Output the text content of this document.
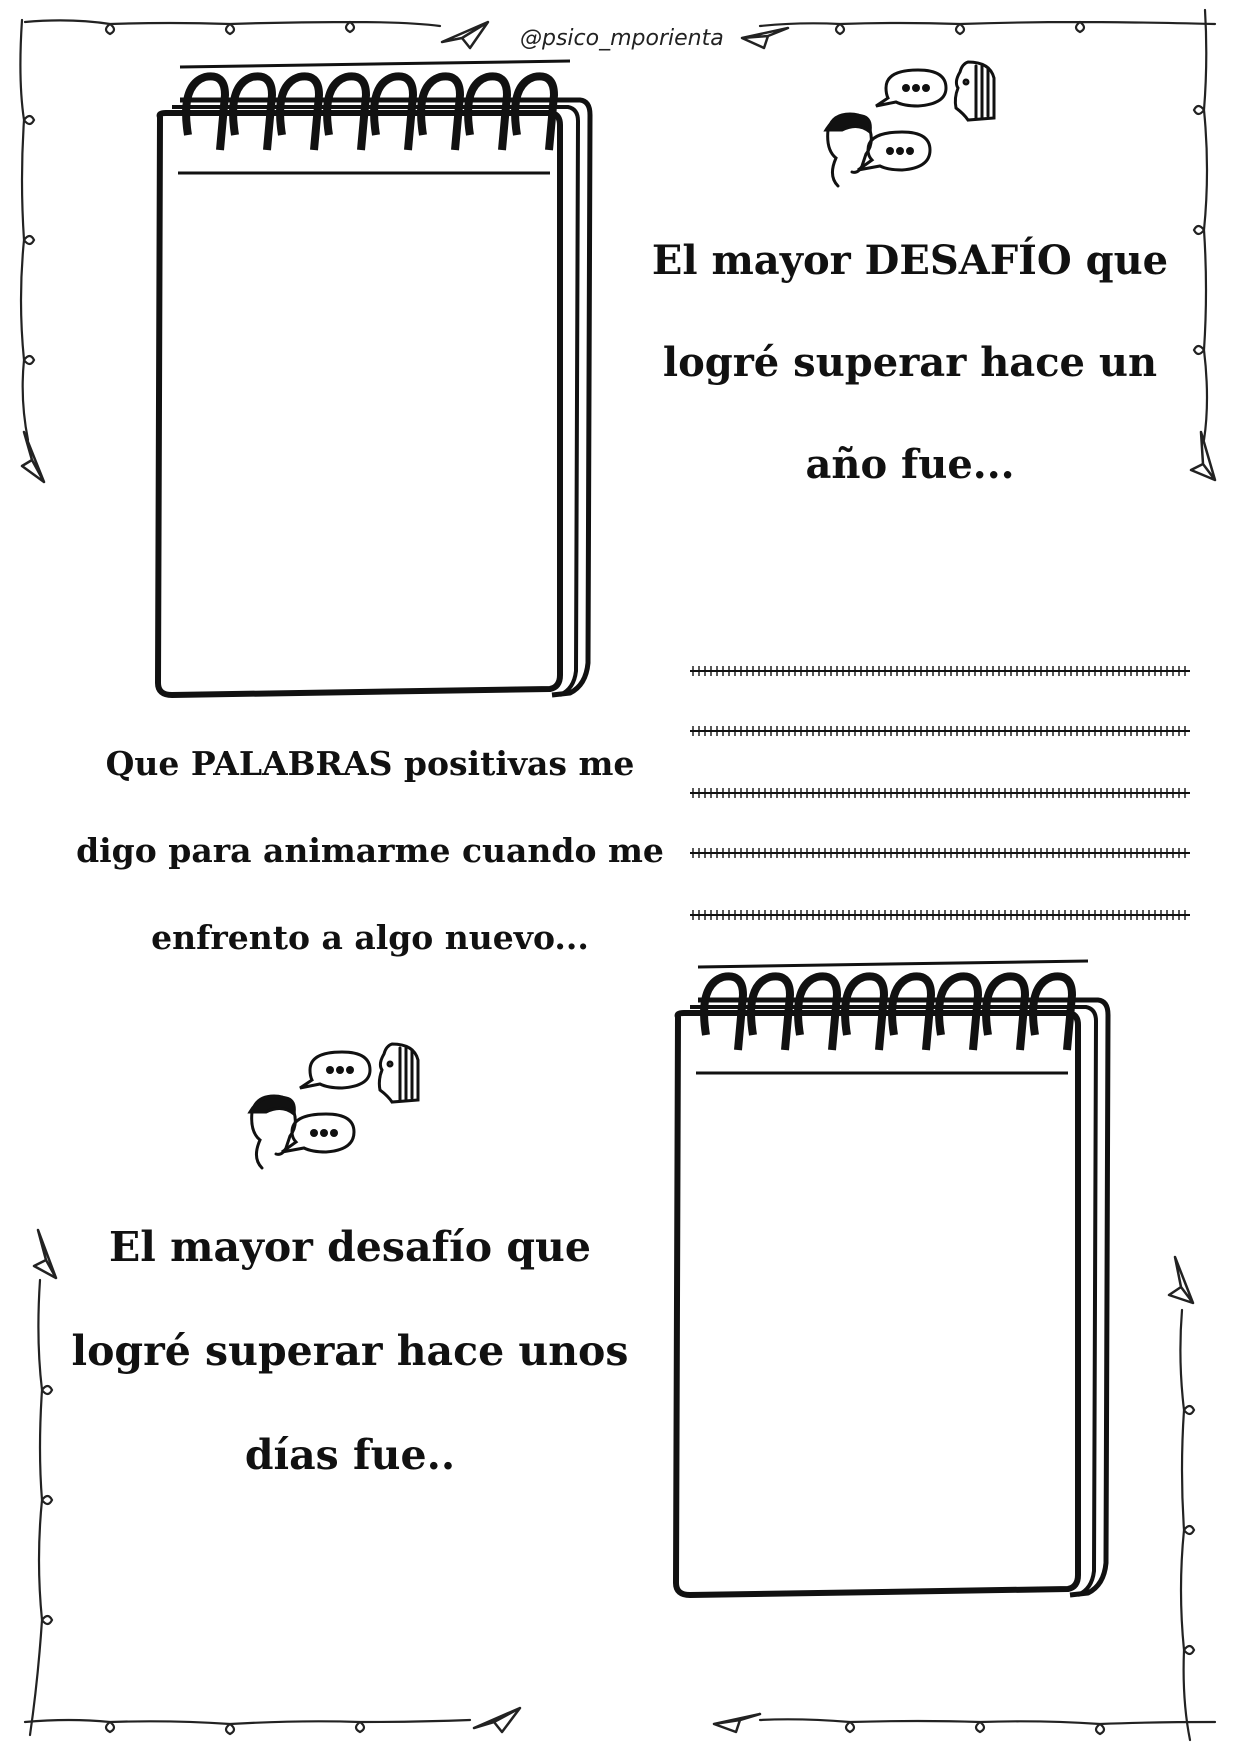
@psico_mporienta
El mayor DESAFÍO que
logré superar hace un
año fue...
Que PALABRAS positivas me
digo para animarme cuando me
enfrento a algo nuevo...
El mayor desafío que
logré superar hace unos
días fue..
